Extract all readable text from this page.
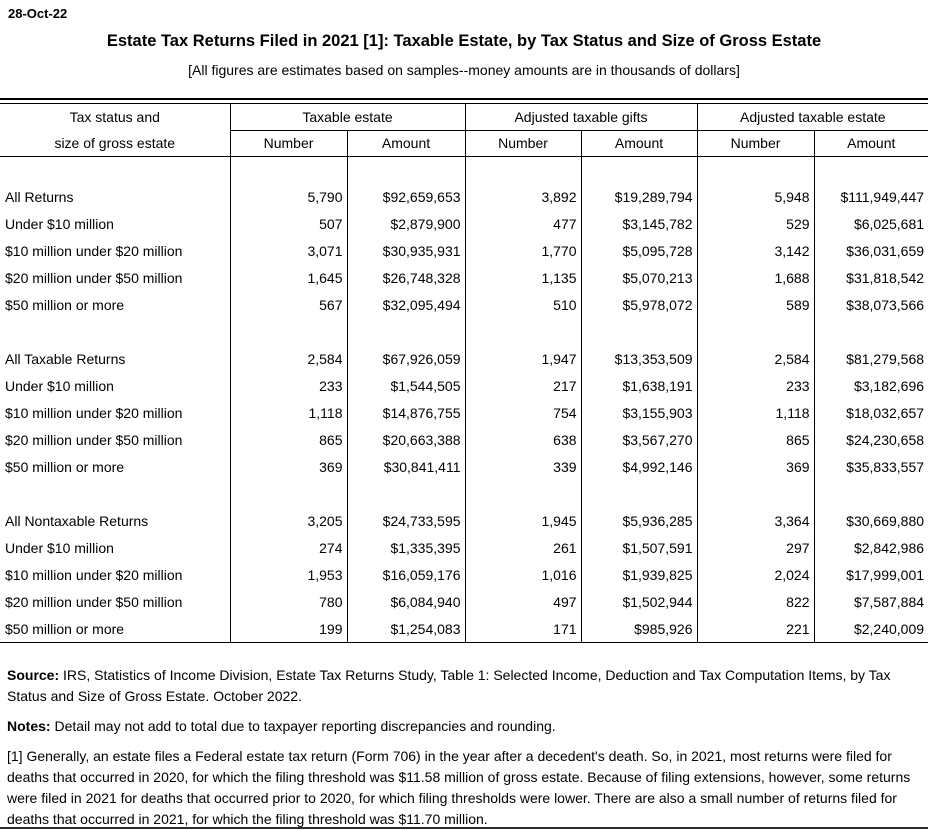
28-Oct-22
Estate Tax Returns Filed in 2021 [1]: Taxable Estate, by Tax Status and Size of Gross Estate
[All figures are estimates based on samples--money amounts are in thousands of dollars]
Tax status and
size of gross estate	Taxable estate		Adjusted taxable gifts		Adjusted taxable estate	
	Number	Amount	Number	Amount	Number	Amount

All Returns	5,790	$92,659,653	3,892	$19,289,794	5,948	$111,949,447
Under $10 million	507	$2,879,900	477	$3,145,782	529	$6,025,681
$10 million under $20 million	3,071	$30,935,931	1,770	$5,095,728	3,142	$36,031,659
$20 million under $50 million	1,645	$26,748,328	1,135	$5,070,213	1,688	$31,818,542
$50 million or more	567	$32,095,494	510	$5,978,072	589	$38,073,566

All Taxable Returns	2,584	$67,926,059	1,947	$13,353,509	2,584	$81,279,568
Under $10 million	233	$1,544,505	217	$1,638,191	233	$3,182,696
$10 million under $20 million	1,118	$14,876,755	754	$3,155,903	1,118	$18,032,657
$20 million under $50 million	865	$20,663,388	638	$3,567,270	865	$24,230,658
$50 million or more	369	$30,841,411	339	$4,992,146	369	$35,833,557

All Nontaxable Returns	3,205	$24,733,595	1,945	$5,936,285	3,364	$30,669,880
Under $10 million	274	$1,335,395	261	$1,507,591	297	$2,842,986
$10 million under $20 million	1,953	$16,059,176	1,016	$1,939,825	2,024	$17,999,001
$20 million under $50 million	780	$6,084,940	497	$1,502,944	822	$7,587,884
$50 million or more	199	$1,254,083	171	$985,926	221	$2,240,009
Source: IRS, Statistics of Income Division, Estate Tax Returns Study, Table 1: Selected Income, Deduction and Tax Computation Items, by Tax Status and Size of Gross Estate. October 2022.
Notes: Detail may not add to total due to taxpayer reporting discrepancies and rounding.
[1] Generally, an estate files a Federal estate tax return (Form 706) in the year after a decedent's death. So, in 2021, most returns were filed for deaths that occurred in 2020, for which the filing threshold was $11.58 million of gross estate. Because of filing extensions, however, some returns were filed in 2021 for deaths that occurred prior to 2020, for which filing thresholds were lower. There are also a small number of returns filed for deaths that occurred in 2021, for which the filing threshold was $11.70 million.
